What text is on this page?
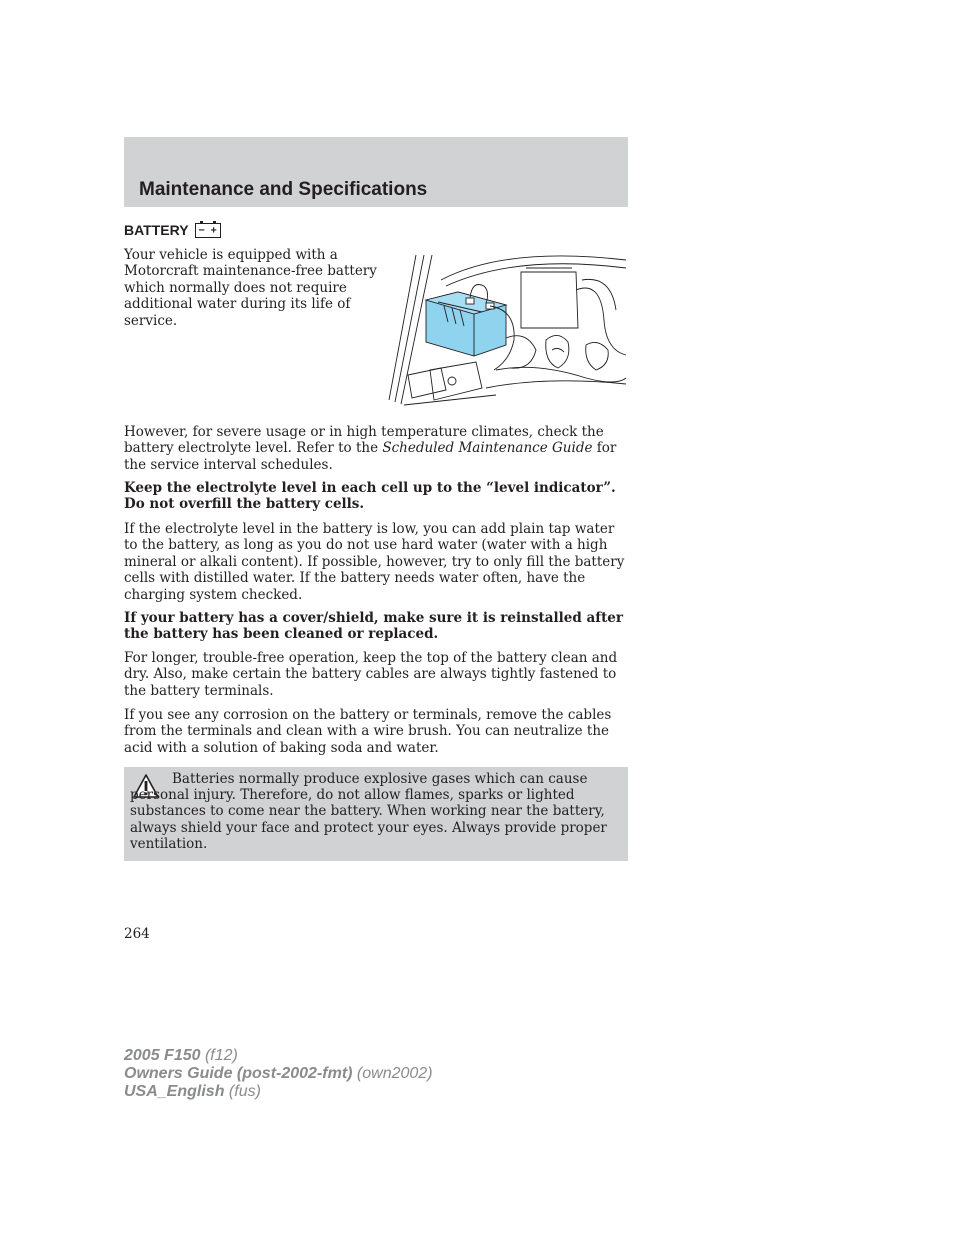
Maintenance and Specifications
BATTERY − +

Your vehicle is equipped with a Motorcraft maintenance-free battery which normally does not require additional water during its life of service.

However, for severe usage or in high temperature climates, check the battery electrolyte level. Refer to the Scheduled Maintenance Guide for the service interval schedules.

Keep the electrolyte level in each cell up to the “level indicator”. Do not overfill the battery cells.

If the electrolyte level in the battery is low, you can add plain tap water to the battery, as long as you do not use hard water (water with a high mineral or alkali content). If possible, however, try to only fill the battery cells with distilled water. If the battery needs water often, have the charging system checked.

If your battery has a cover/shield, make sure it is reinstalled after the battery has been cleaned or replaced.

For longer, trouble-free operation, keep the top of the battery clean and dry. Also, make certain the battery cables are always tightly fastened to the battery terminals.

If you see any corrosion on the battery or terminals, remove the cables from the terminals and clean with a wire brush. You can neutralize the acid with a solution of baking soda and water.

Batteries normally produce explosive gases which can cause personal injury. Therefore, do not allow flames, sparks or lighted substances to come near the battery. When working near the battery, always shield your face and protect your eyes. Always provide proper ventilation.

264

2005 F150 (f12)
Owners Guide (post-2002-fmt) (own2002)
USA_English (fus)
